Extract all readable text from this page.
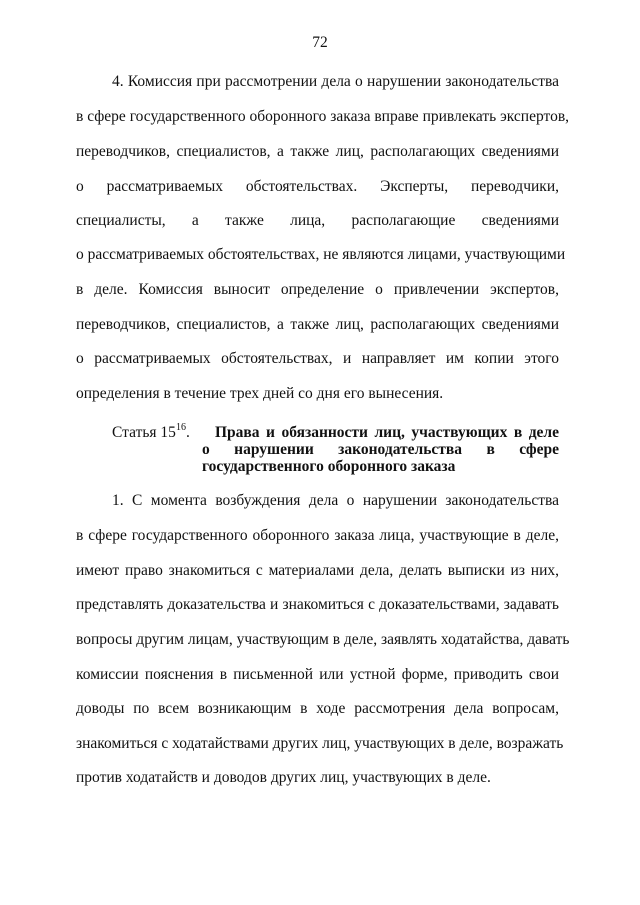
72
4. Комиссия при рассмотрении дела о нарушении законодательства
в сфере государственного оборонного заказа вправе привлекать экспертов,
переводчиков, специалистов, а также лиц, располагающих сведениями
о рассматриваемых обстоятельствах. Эксперты, переводчики,
специалисты, а также лица, располагающие сведениями
о рассматриваемых обстоятельствах, не являются лицами, участвующими
в деле. Комиссия выносит определение о привлечении экспертов,
переводчиков, специалистов, а также лиц, располагающих сведениями
о рассматриваемых обстоятельствах, и направляет им копии этого
определения в течение трех дней со дня его вынесения.
Статья $15^{16}$. Права и обязанности лиц, участвующих в деле
о нарушении законодательства в сфере
государственного оборонного заказа
1. С момента возбуждения дела о нарушении законодательства
в сфере государственного оборонного заказа лица, участвующие в деле,
имеют право знакомиться с материалами дела, делать выписки из них,
представлять доказательства и знакомиться с доказательствами, задавать
вопросы другим лицам, участвующим в деле, заявлять ходатайства, давать
комиссии пояснения в письменной или устной форме, приводить свои
доводы по всем возникающим в ходе рассмотрения дела вопросам,
знакомиться с ходатайствами других лиц, участвующих в деле, возражать
против ходатайств и доводов других лиц, участвующих в деле.
